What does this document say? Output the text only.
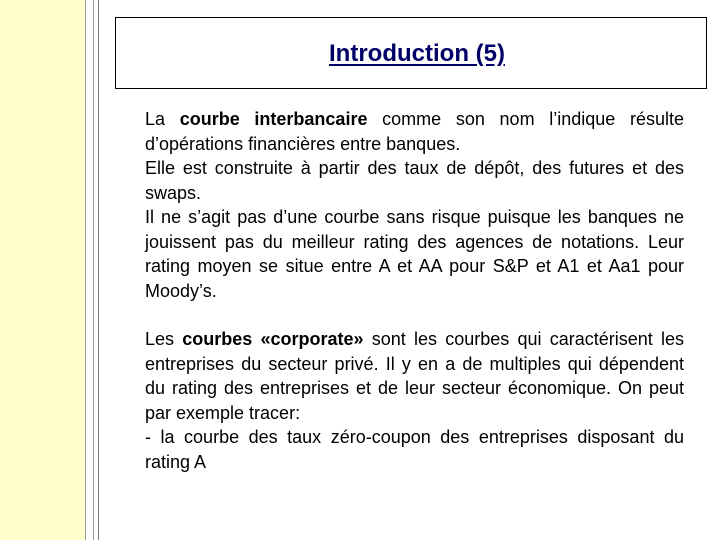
Introduction (5)

La courbe interbancaire comme son nom l’indique résulte d’opérations financières entre banques.

Elle est construite à partir des taux de dépôt, des futures et des swaps.

Il ne s’agit pas d’une courbe sans risque puisque les banques ne jouissent pas du meilleur rating des agences de notations. Leur rating moyen se situe entre A et AA pour S&P et A1 et Aa1 pour Moody’s.

Les courbes «corporate» sont les courbes qui caractérisent les entreprises du secteur privé. Il y en a de multiples qui dépendent du rating des entreprises et de leur secteur économique. On peut par exemple tracer:

- la courbe des taux zéro-coupon des entreprises disposant du rating A
